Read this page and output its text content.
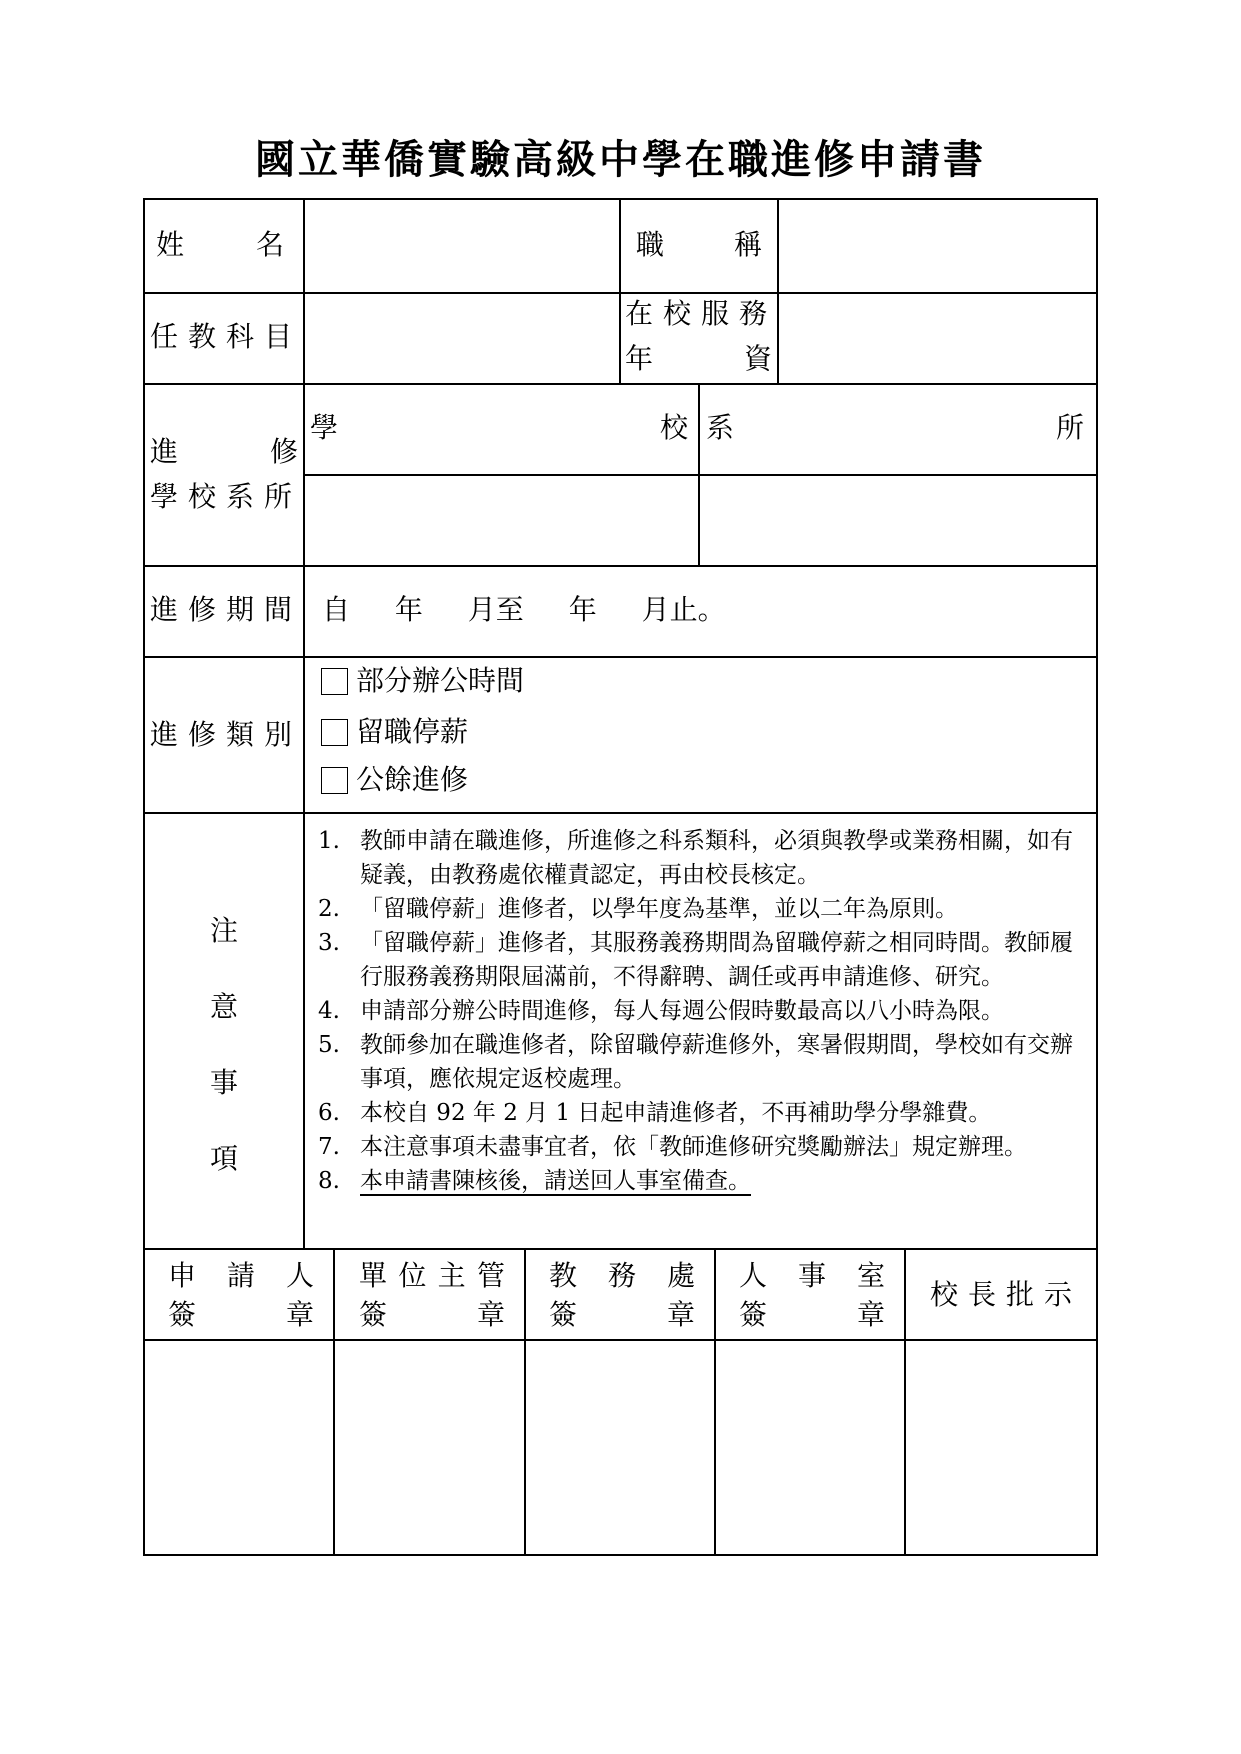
國立華僑實驗高級中學在職進修申請書
姓 名	職 稱
任教科目
在校服務
年 資
進 修
學校系所
學 校 系 所
進修期間 自 年 月至 年 月止。
進修類別
部分辦公時間
留職停薪
公餘進修
注 意 事 項
1. 教師申請在職進修，所進修之科系類科，必須與教學或業務相關，如有疑義，由教務處依權責認定，再由校長核定。
2. 「留職停薪」進修者，以學年度為基準，並以二年為原則。
3. 「留職停薪」進修者，其服務義務期間為留職停薪之相同時間。教師履行服務義務期限屆滿前，不得辭聘、調任或再申請進修、研究。
4. 申請部分辦公時間進修，每人每週公假時數最高以八小時為限。
5. 教師參加在職進修者，除留職停薪進修外，寒暑假期間，學校如有交辦事項，應依規定返校處理。
6. 本校自 92 年 2 月 1 日起申請進修者，不再補助學分學雜費。
7. 本注意事項未盡事宜者，依「教師進修研究獎勵辦法」規定辦理。
8. 本申請書陳核後，請送回人事室備查。
申 請 人
簽 章
單位主管
簽 章
教 務 處
簽 章
人 事 室
簽 章
校長批示
